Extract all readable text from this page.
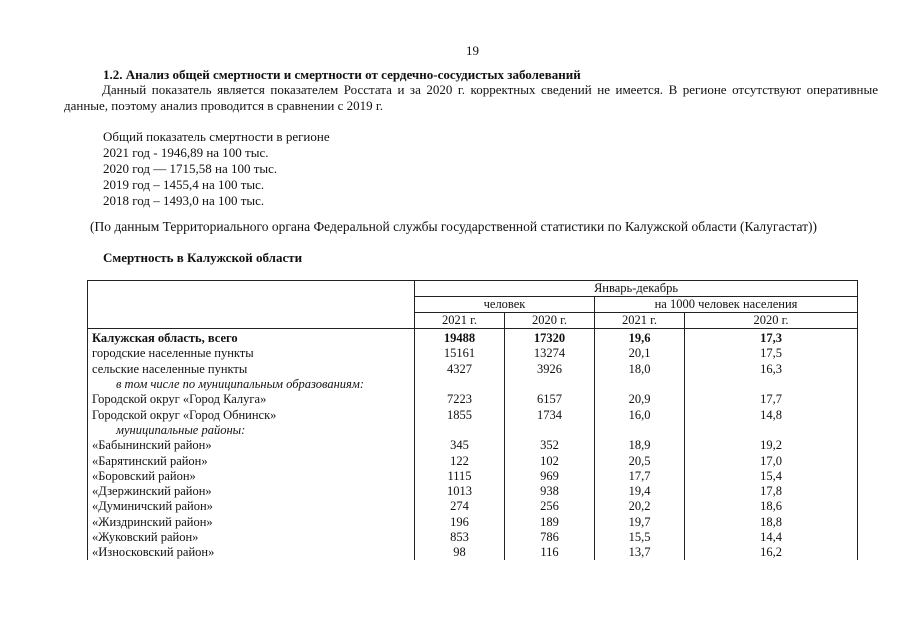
19
1.2. Анализ общей смертности и смертности от сердечно-сосудистых заболеваний
Данный показатель является показателем Росстата и за 2020 г. корректных сведений не имеется. В регионе отсутствуют оперативные данные, поэтому анализ проводится в сравнении с 2019 г.
Общий показатель смертности в регионе
2021 год - 1946,89 на 100 тыс.
2020 год — 1715,58 на 100 тыс.
2019 год – 1455,4 на 100 тыс.
2018 год – 1493,0 на 100 тыс.
(По данным Территориального органа Федеральной службы государственной статистики по Калужской области (Калугастат))
Смертность в Калужской области
	Январь-декабрь			
	человек		на 1000 человек населения	
	2021 г.	2020 г.	2021 г.	2020 г.
Калужская область, всего	19488	17320	19,6	17,3
городские населенные пункты	15161	13274	20,1	17,5
сельские населенные пункты	4327	3926	18,0	16,3
в том числе по муниципальным образованиям:				
Городской округ «Город Калуга»	7223	6157	20,9	17,7
Городской округ «Город Обнинск»	1855	1734	16,0	14,8
муниципальные районы:				
«Бабынинский район»	345	352	18,9	19,2
«Барятинский район»	122	102	20,5	17,0
«Боровский район»	1115	969	17,7	15,4
«Дзержинский район»	1013	938	19,4	17,8
«Думиничский район»	274	256	20,2	18,6
«Жиздринский район»	196	189	19,7	18,8
«Жуковский район»	853	786	15,5	14,4
«Износковский район»	98	116	13,7	16,2
